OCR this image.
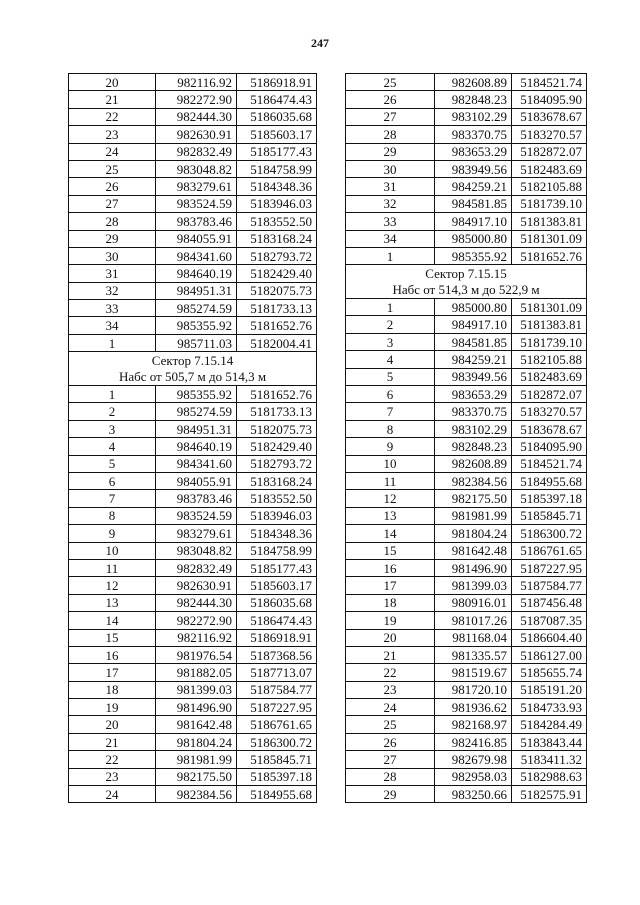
247
20	982116.92	5186918.91
21	982272.90	5186474.43
22	982444.30	5186035.68
23	982630.91	5185603.17
24	982832.49	5185177.43
25	983048.82	5184758.99
26	983279.61	5184348.36
27	983524.59	5183946.03
28	983783.46	5183552.50
29	984055.91	5183168.24
30	984341.60	5182793.72
31	984640.19	5182429.40
32	984951.31	5182075.73
33	985274.59	5181733.13
34	985355.92	5181652.76
1	985711.03	5182004.41
Сектор 7.15.14		
Набс от 505,7 м до 514,3 м		
1	985355.92	5181652.76
2	985274.59	5181733.13
3	984951.31	5182075.73
4	984640.19	5182429.40
5	984341.60	5182793.72
6	984055.91	5183168.24
7	983783.46	5183552.50
8	983524.59	5183946.03
9	983279.61	5184348.36
10	983048.82	5184758.99
11	982832.49	5185177.43
12	982630.91	5185603.17
13	982444.30	5186035.68
14	982272.90	5186474.43
15	982116.92	5186918.91
16	981976.54	5187368.56
17	981882.05	5187713.07
18	981399.03	5187584.77
19	981496.90	5187227.95
20	981642.48	5186761.65
21	981804.24	5186300.72
22	981981.99	5185845.71
23	982175.50	5185397.18
24	982384.56	5184955.68
25	982608.89	5184521.74
26	982848.23	5184095.90
27	983102.29	5183678.67
28	983370.75	5183270.57
29	983653.29	5182872.07
30	983949.56	5182483.69
31	984259.21	5182105.88
32	984581.85	5181739.10
33	984917.10	5181383.81
34	985000.80	5181301.09
1	985355.92	5181652.76
Сектор 7.15.15		
Набс от 514,3 м до 522,9 м		
1	985000.80	5181301.09
2	984917.10	5181383.81
3	984581.85	5181739.10
4	984259.21	5182105.88
5	983949.56	5182483.69
6	983653.29	5182872.07
7	983370.75	5183270.57
8	983102.29	5183678.67
9	982848.23	5184095.90
10	982608.89	5184521.74
11	982384.56	5184955.68
12	982175.50	5185397.18
13	981981.99	5185845.71
14	981804.24	5186300.72
15	981642.48	5186761.65
16	981496.90	5187227.95
17	981399.03	5187584.77
18	980916.01	5187456.48
19	981017.26	5187087.35
20	981168.04	5186604.40
21	981335.57	5186127.00
22	981519.67	5185655.74
23	981720.10	5185191.20
24	981936.62	5184733.93
25	982168.97	5184284.49
26	982416.85	5183843.44
27	982679.98	5183411.32
28	982958.03	5182988.63
29	983250.66	5182575.91
